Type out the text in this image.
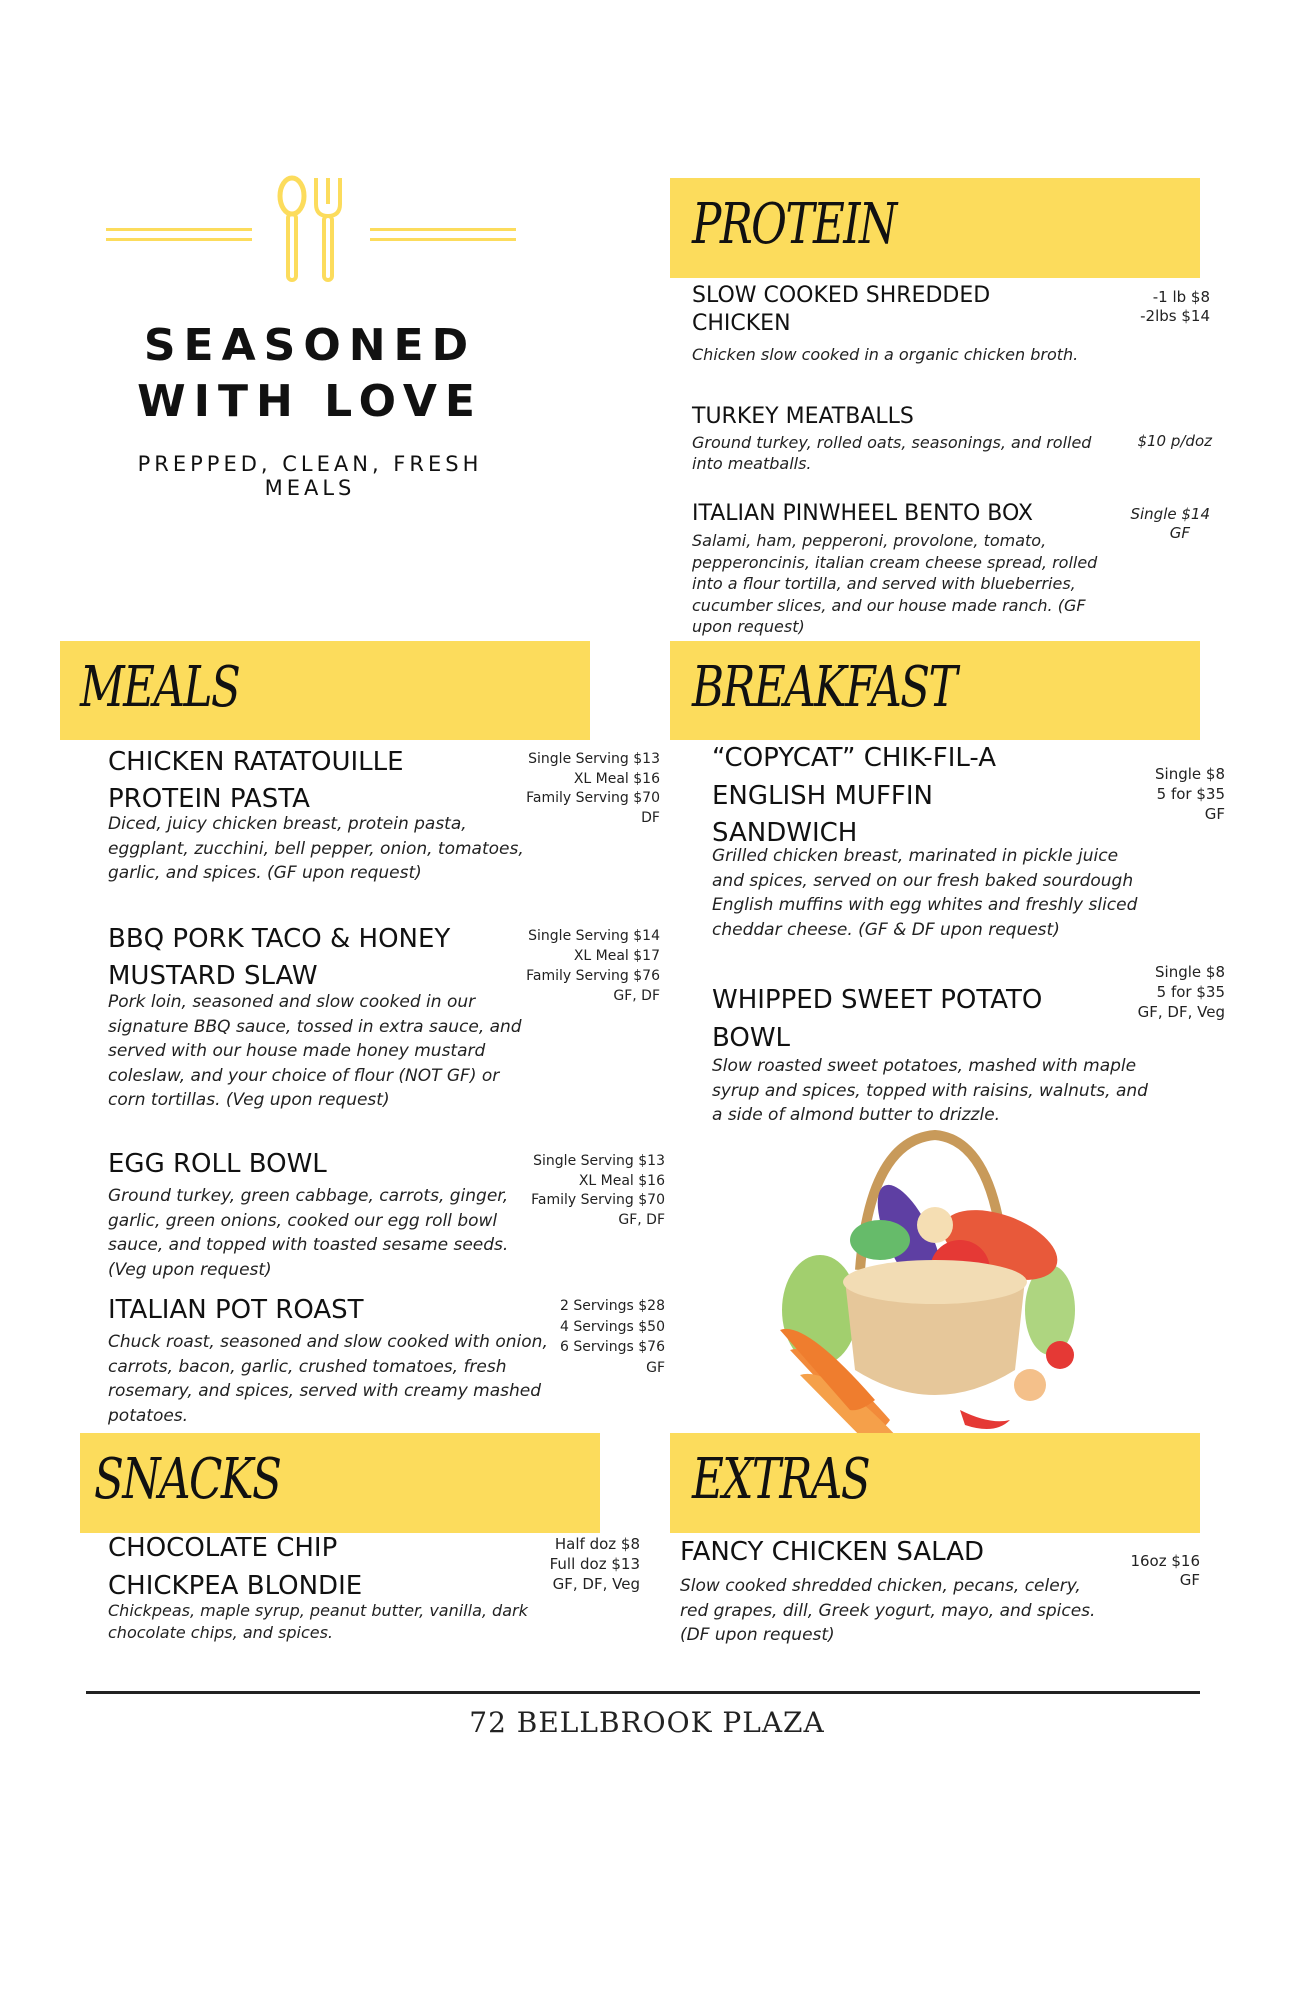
SEASONED WITH LOVE
PREPPED, CLEAN, FRESH MEALS
PROTEIN
SLOW COOKED SHREDDED CHICKEN
Chicken slow cooked in a organic chicken broth.
-1 lb $8
-2lbs $14
TURKEY MEATBALLS
Ground turkey, rolled oats, seasonings, and rolled into meatballs.
$10 p/doz
ITALIAN PINWHEEL BENTO BOX
Salami, ham, pepperoni, provolone, tomato, pepperoncinis, italian cream cheese spread, rolled into a flour tortilla, and served with blueberries, cucumber slices, and our house made ranch. (GF upon request)
Single $14
GF
MEALS
CHICKEN RATATOUILLE PROTEIN PASTA
Diced, juicy chicken breast, protein pasta, eggplant, zucchini, bell pepper, onion, tomatoes, garlic, and spices. (GF upon request)
Single Serving $13
XL Meal $16
Family Serving $70
DF
BBQ PORK TACO & HONEY MUSTARD SLAW
Pork loin, seasoned and slow cooked in our signature BBQ sauce, tossed in extra sauce, and served with our house made honey mustard coleslaw, and your choice of flour (NOT GF) or corn tortillas. (Veg upon request)
Single Serving $14
XL Meal $17
Family Serving $76
GF, DF
EGG ROLL BOWL
Ground turkey, green cabbage, carrots, ginger, garlic, green onions, cooked our egg roll bowl sauce, and topped with toasted sesame seeds. (Veg upon request)
Single Serving $13
XL Meal $16
Family Serving $70
GF, DF
ITALIAN POT ROAST
Chuck roast, seasoned and slow cooked with onion, carrots, bacon, garlic, crushed tomatoes, fresh rosemary, and spices, served with creamy mashed potatoes.
2 Servings $28
4 Servings $50
6 Servings $76
GF
BREAKFAST
“COPYCAT” CHIK-FIL-A ENGLISH MUFFIN SANDWICH
Grilled chicken breast, marinated in pickle juice and spices, served on our fresh baked sourdough English muffins with egg whites and freshly sliced cheddar cheese. (GF & DF upon request)
Single $8
5 for $35
GF
WHIPPED SWEET POTATO BOWL
Slow roasted sweet potatoes, mashed with maple syrup and spices, topped with raisins, walnuts, and a side of almond butter to drizzle.
Single $8
5 for $35
GF, DF, Veg
SNACKS
CHOCOLATE CHIP CHICKPEA BLONDIE
Chickpeas, maple syrup, peanut butter, vanilla, dark chocolate chips, and spices.
Half doz $8
Full doz $13
GF, DF, Veg
EXTRAS
FANCY CHICKEN SALAD
Slow cooked shredded chicken, pecans, celery, red grapes, dill, Greek yogurt, mayo, and spices. (DF upon request)
16oz $16
GF
72 BELLBROOK PLAZA
